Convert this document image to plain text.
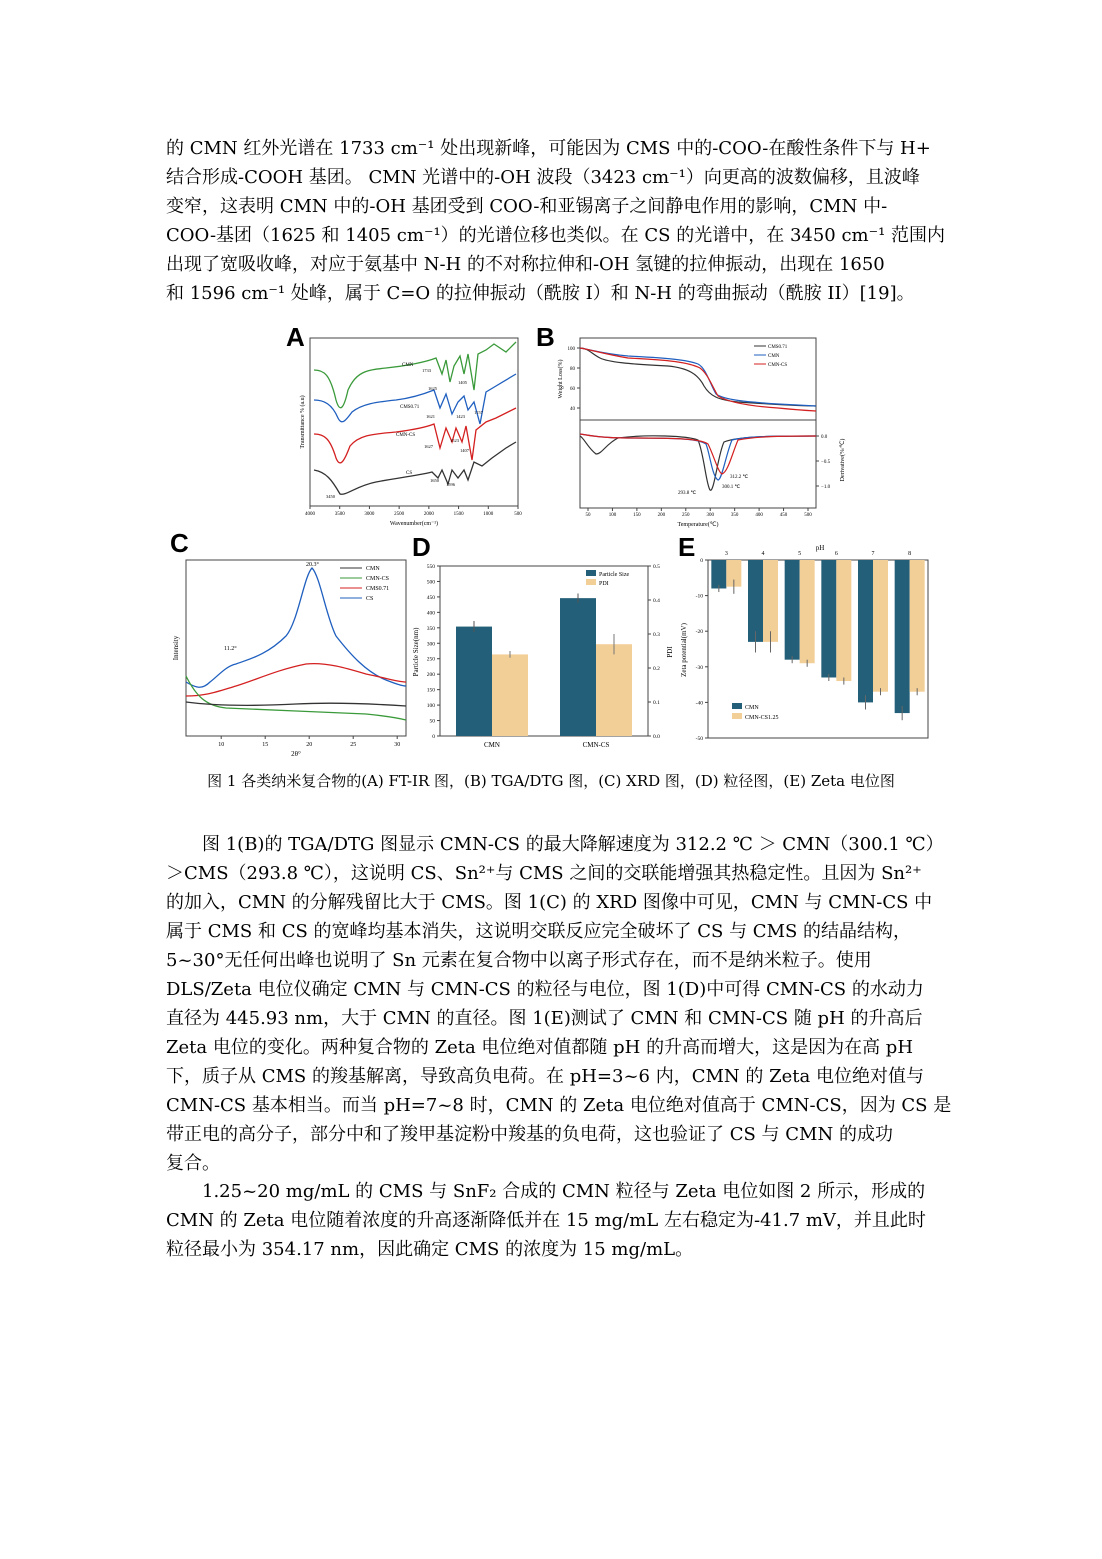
的 CMN 红外光谱在 1733 cm⁻¹ 处出现新峰，可能因为 CMS 中的-COO-在酸性条件下与 H+
结合形成-COOH 基团。 CMN 光谱中的-OH 波段（3423 cm⁻¹）向更高的波数偏移，且波峰
变窄，这表明 CMN 中的-OH 基团受到 COO-和亚锡离子之间静电作用的影响，CMN 中-
COO-基团（1625 和 1405 cm⁻¹）的光谱位移也类似。在 CS 的光谱中，在 3450 cm⁻¹ 范围内
出现了宽吸收峰，对应于氨基中 N-H 的不对称拉伸和-OH 氢键的拉伸振动，出现在 1650
和 1596 cm⁻¹ 处峰，属于 C=O 的拉伸振动（酰胺 I）和 N-H 的弯曲振动（酰胺 II）[19]。
A	B
C	D	E
4000	3500	3000	2500	2000	1500	1000	500
CMN
CMS0.71
CMN-CS
CS
1733
1625
1405
1621	1423
1157
1627
1523
1407
3450
1650
1596
Wavenumber(cm⁻¹)
Transmittance % (a.u)
50	100	150	200	250	300	350	400	450	500
100
80
60
40
0.0
−0.5
−1.0
CMS0.71
CMN
CMN-CS
312.2 ℃
300.1 ℃
293.8 ℃
Temperature(℃)
Weight Loss(%)
Derivative(%/℃)
10	15	20	25	30
CMN
CMN-CS
CMS0.71
CS
20.3°
11.2°
2θ°
Intensity
0
50
100
150
200
250
300
350
400
450
500
550
0.0
0.1
0.2
0.3
0.4
0.5
CMN	CMN-CS
Particle Size
PDI
Particle Size(nm)	PDI
pH
0
-10
-20
-30
-40
-50
3	4	5	6	7	8
CMN
CMN-CS1.25
Zeta potential(mV)
图 1 各类纳米复合物的(A) FT-IR 图，(B) TGA/DTG 图，(C) XRD 图，(D) 粒径图，(E) Zeta 电位图
图 1(B)的 TGA/DTG 图显示 CMN-CS 的最大降解速度为 312.2 ℃ ＞ CMN（300.1 ℃）
＞CMS（293.8 ℃），这说明 CS、Sn²⁺与 CMS 之间的交联能增强其热稳定性。且因为 Sn²⁺
的加入，CMN 的分解残留比大于 CMS。图 1(C) 的 XRD 图像中可见，CMN 与 CMN-CS 中
属于 CMS 和 CS 的宽峰均基本消失，这说明交联反应完全破坏了 CS 与 CMS 的结晶结构，
5~30°无任何出峰也说明了 Sn 元素在复合物中以离子形式存在，而不是纳米粒子。使用
DLS/Zeta 电位仪确定 CMN 与 CMN-CS 的粒径与电位，图 1(D)中可得 CMN-CS 的水动力
直径为 445.93 nm，大于 CMN 的直径。图 1(E)测试了 CMN 和 CMN-CS 随 pH 的升高后
Zeta 电位的变化。两种复合物的 Zeta 电位绝对值都随 pH 的升高而增大，这是因为在高 pH
下，质子从 CMS 的羧基解离，导致高负电荷。在 pH=3~6 内，CMN 的 Zeta 电位绝对值与
CMN-CS 基本相当。而当 pH=7~8 时，CMN 的 Zeta 电位绝对值高于 CMN-CS，因为 CS 是
带正电的高分子，部分中和了羧甲基淀粉中羧基的负电荷，这也验证了 CS 与 CMN 的成功
复合。
1.25~20 mg/mL 的 CMS 与 SnF₂ 合成的 CMN 粒径与 Zeta 电位如图 2 所示，形成的
CMN 的 Zeta 电位随着浓度的升高逐渐降低并在 15 mg/mL 左右稳定为-41.7 mV，并且此时
粒径最小为 354.17 nm，因此确定 CMS 的浓度为 15 mg/mL。
